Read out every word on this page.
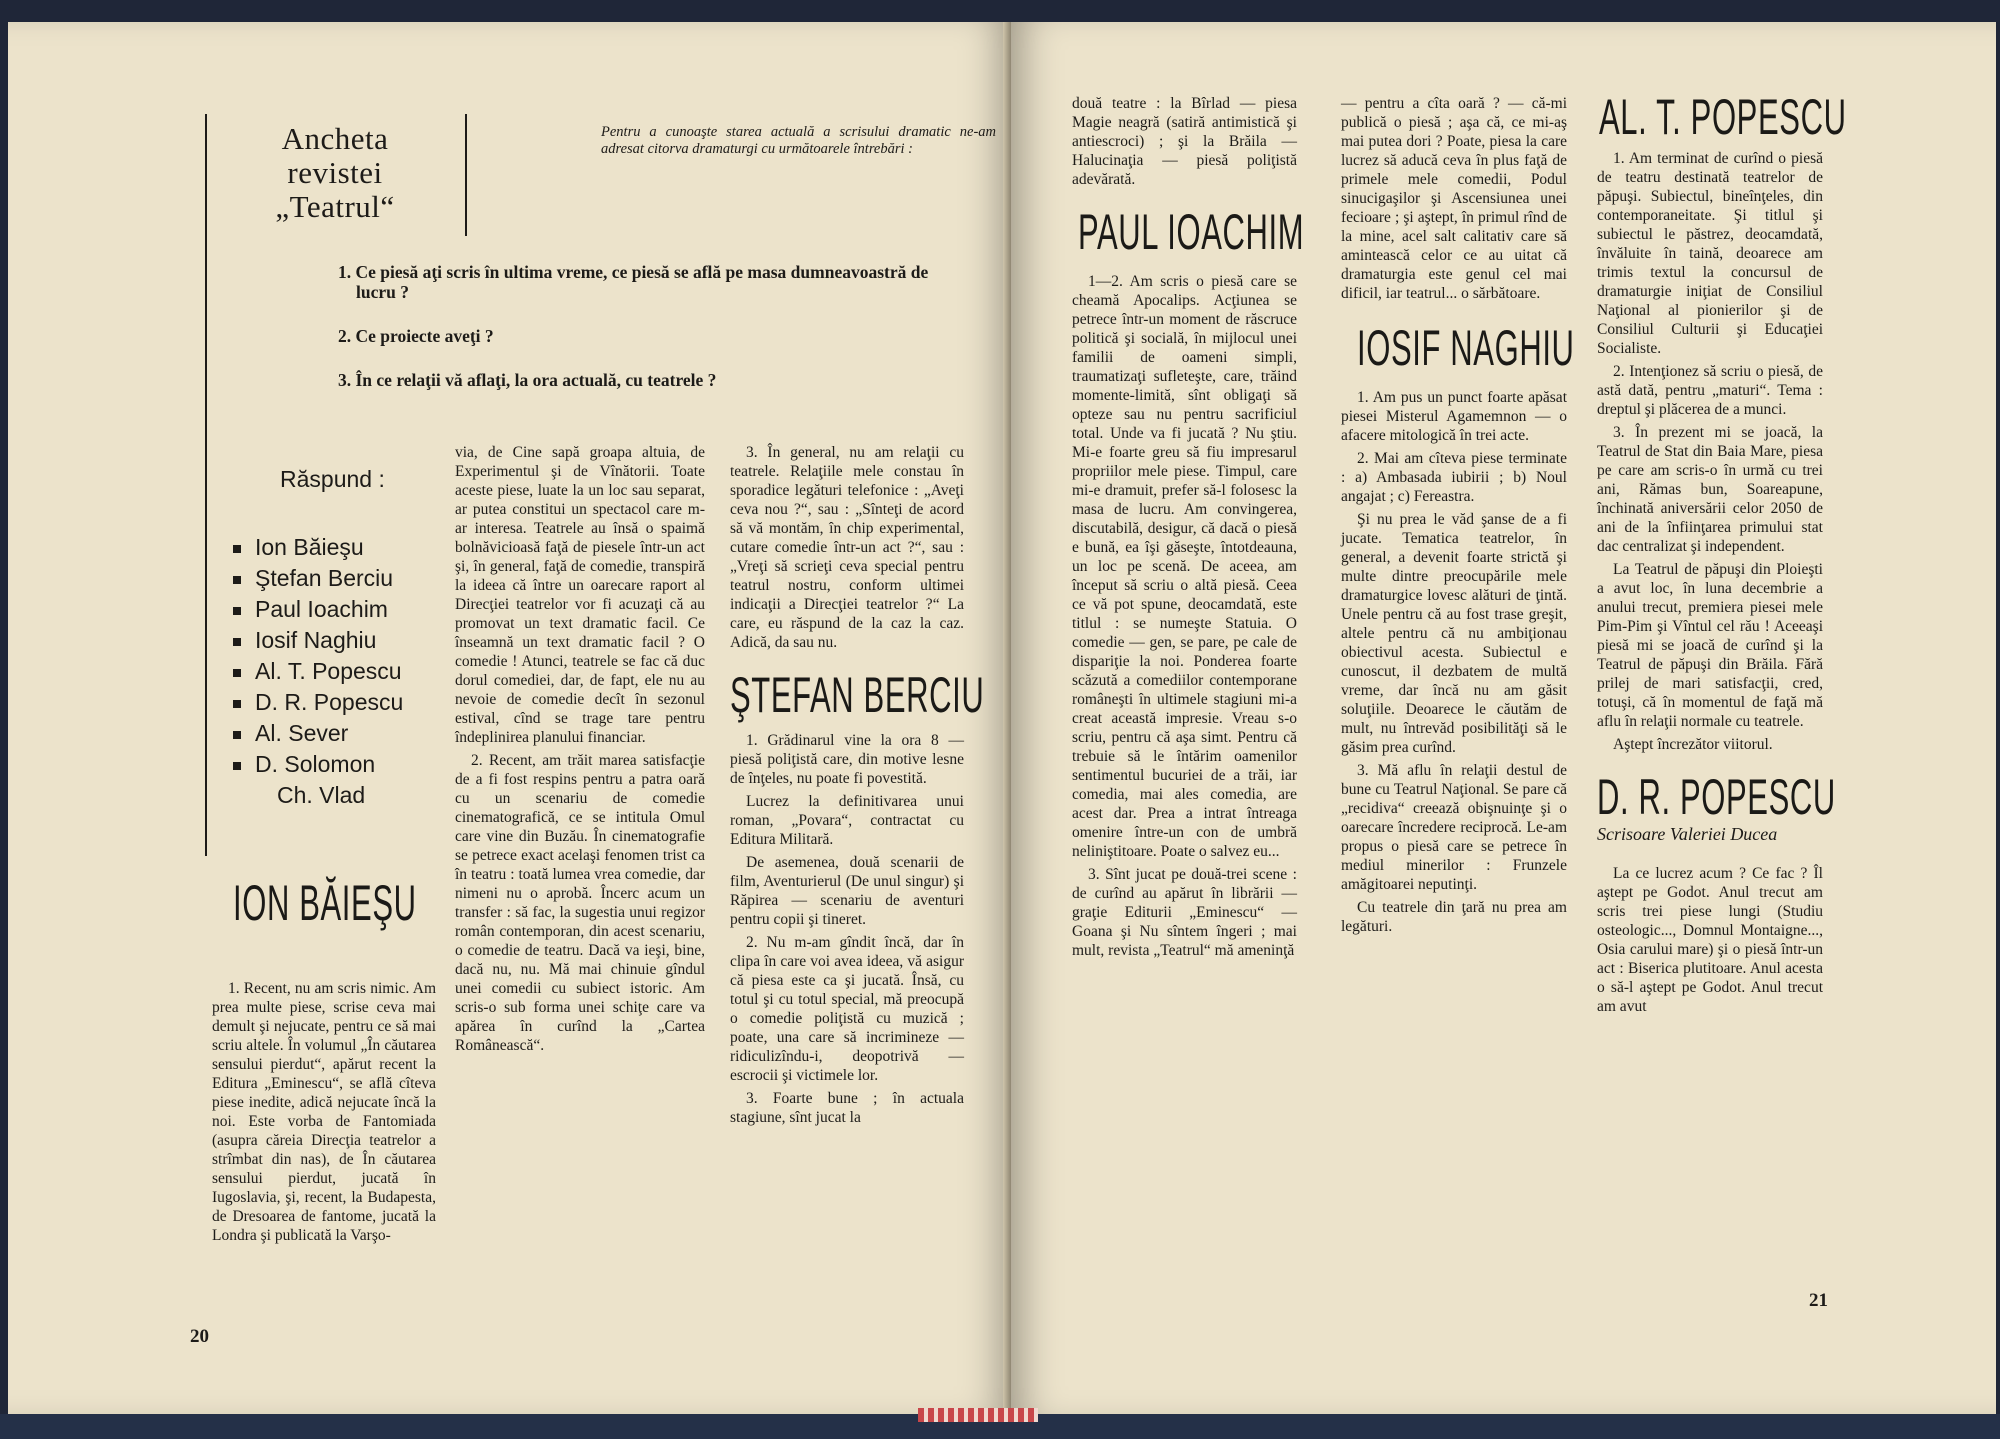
Ancheta
revistei
„Teatrul“
Pentru a cunoaşte starea actuală a scrisului dramatic ne-am adresat citorva dramaturgi cu următoarele întrebări :
1. Ce piesă aţi scris în ultima vreme, ce piesă se află pe masa dumneavoastră de lucru ?
2. Ce proiecte aveţi ?
3. În ce relaţii vă aflaţi, la ora actuală, cu teatrele ?
Răspund :
Ion Băieşu
Ştefan Berciu
Paul Ioachim
Iosif Naghiu
Al. T. Popescu
D. R. Popescu
Al. Sever
D. Solomon
Ch. Vlad
ION BĂIEŞU

1. Recent, nu am scris nimic. Am prea multe piese, scrise ceva mai demult şi nejucate, pentru ce să mai scriu altele. În volumul „În căutarea sensului pierdut“, apărut recent la Editura „Eminescu“, se află cîteva piese inedite, adică nejucate încă la noi. Este vorba de Fantomiada (asupra căreia Direcţia teatrelor a strîmbat din nas), de În căutarea sensului pierdut, jucată în Iugoslavia, şi, recent, la Budapesta, de Dresoarea de fantome, jucată la Londra şi publicată la Varşo-

via, de Cine sapă groapa altuia, de Experimentul şi de Vînătorii. Toate aceste piese, luate la un loc sau separat, ar putea constitui un spectacol care m-ar interesa. Teatrele au însă o spaimă bolnăvicioasă faţă de piesele într-un act şi, în general, faţă de comedie, transpiră la ideea că între un oarecare raport al Direcţiei teatrelor vor fi acuzaţi că au promovat un text dramatic facil. Ce înseamnă un text dramatic facil ? O comedie ! Atunci, teatrele se fac că duc dorul comediei, dar, de fapt, ele nu au nevoie de comedie decît în sezonul estival, cînd se trage tare pentru îndeplinirea planului financiar.

2. Recent, am trăit marea satisfacţie de a fi fost respins pentru a patra oară cu un scenariu de comedie cinematografică, ce se intitula Omul care vine din Buzău. În cinematografie se petrece exact acelaşi fenomen trist ca în teatru : toată lumea vrea comedie, dar nimeni nu o aprobă. Încerc acum un transfer : să fac, la sugestia unui regizor român contemporan, din acest scenariu, o comedie de teatru. Dacă va ieşi, bine, dacă nu, nu. Mă mai chinuie gîndul unei comedii cu subiect istoric. Am scris-o sub forma unei schiţe care va apărea în curînd la „Cartea Românească“.

3. În general, nu am relaţii cu teatrele. Relaţiile mele constau în sporadice legături telefonice : „Aveţi ceva nou ?“, sau : „Sînteţi de acord să vă montăm, în chip experimental, cutare comedie într-un act ?“, sau : „Vreţi să scrieţi ceva special pentru teatrul nostru, conform ultimei indicaţii a Direcţiei teatrelor ?“ La care, eu răspund de la caz la caz. Adică, da sau nu.

ŞTEFAN BERCIU

1. Grădinarul vine la ora 8 — piesă poliţistă care, din motive lesne de înţeles, nu poate fi povestită.

Lucrez la definitivarea unui roman, „Povara“, contractat cu Editura Militară.

De asemenea, două scenarii de film, Aventurierul (De unul singur) şi Răpirea — scenariu de aventuri pentru copii şi tineret.

2. Nu m-am gîndit încă, dar în clipa în care voi avea ideea, vă asigur că piesa este ca şi jucată. Însă, cu totul şi cu totul special, mă preocupă o comedie poliţistă cu muzică ; poate, una care să incrimineze — ridiculizîndu-i, deopotrivă — escrocii şi victimele lor.

3. Foarte bune ; în actuala stagiune, sînt jucat la

20

două teatre : la Bîrlad — piesa Magie neagră (satiră antimistică şi antiescroci) ; şi la Brăila — Halucinaţia — piesă poliţistă adevărată.

PAUL IOACHIM

1—2. Am scris o piesă care se cheamă Apocalips. Acţiunea se petrece într-un moment de răscruce politică şi socială, în mijlocul unei familii de oameni simpli, traumatizaţi sufleteşte, care, trăind momente-limită, sînt obligaţi să opteze sau nu pentru sacrificiul total. Unde va fi jucată ? Nu ştiu. Mi-e foarte greu să fiu impresarul propriilor mele piese. Timpul, care mi-e dramuit, prefer să-l folosesc la masa de lucru. Am convingerea, discutabilă, desigur, că dacă o piesă e bună, ea îşi găseşte, întotdeauna, un loc pe scenă. De aceea, am început să scriu o altă piesă. Ceea ce vă pot spune, deocamdată, este titlul : se numeşte Statuia. O comedie — gen, se pare, pe cale de dispariţie la noi. Ponderea foarte scăzută a comediilor contemporane româneşti în ultimele stagiuni mi-a creat această impresie. Vreau s-o scriu, pentru că aşa simt. Pentru că trebuie să le întărim oamenilor sentimentul bucuriei de a trăi, iar comedia, mai ales comedia, are acest dar. Prea a intrat întreaga omenire între-un con de umbră neliniştitoare. Poate o salvez eu...

3. Sînt jucat pe două-trei scene : de curînd au apărut în librării — graţie Editurii „Eminescu“ — Goana şi Nu sîntem îngeri ; mai mult, revista „Teatrul“ mă ameninţă

— pentru a cîta oară ? — că-mi publică o piesă ; aşa că, ce mi-aş mai putea dori ? Poate, piesa la care lucrez să aducă ceva în plus faţă de primele mele comedii, Podul sinucigaşilor şi Ascensiunea unei fecioare ; şi aştept, în primul rînd de la mine, acel salt calitativ care să amintească celor ce au uitat că dramaturgia este genul cel mai dificil, iar teatrul... o sărbătoare.

IOSIF NAGHIU

1. Am pus un punct foarte apăsat piesei Misterul Agamemnon — o afacere mitologică în trei acte.

2. Mai am cîteva piese terminate : a) Ambasada iubirii ; b) Noul angajat ; c) Fereastra.

Şi nu prea le văd şanse de a fi jucate. Tematica teatrelor, în general, a devenit foarte strictă şi multe dintre preocupările mele dramaturgice lovesc alături de ţintă. Unele pentru că au fost trase greşit, altele pentru că nu ambiţionau obiectivul acesta. Subiectul e cunoscut, il dezbatem de multă vreme, dar încă nu am găsit soluţiile. Deoarece le căutăm de mult, nu întrevăd posibilităţi să le găsim prea curînd.

3. Mă aflu în relaţii destul de bune cu Teatrul Naţional. Se pare că „recidiva“ creează obişnuinţe şi o oarecare încredere reciprocă. Le-am propus o piesă care se petrece în mediul minerilor : Frunzele amăgitoarei neputinţi.

Cu teatrele din ţară nu prea am legături.

AL. T. POPESCU

1. Am terminat de curînd o piesă de teatru destinată teatrelor de păpuşi. Subiectul, bineînţeles, din contemporaneitate. Şi titlul şi subiectul le păstrez, deocamdată, învăluite în taină, deoarece am trimis textul la concursul de dramaturgie iniţiat de Consiliul Naţional al pionierilor şi de Consiliul Culturii şi Educaţiei Socialiste.

2. Intenţionez să scriu o piesă, de astă dată, pentru „maturi“. Tema : dreptul şi plăcerea de a munci.

3. În prezent mi se joacă, la Teatrul de Stat din Baia Mare, piesa pe care am scris-o în urmă cu trei ani, Rămas bun, Soareapune, închinată aniversării celor 2050 de ani de la înfiinţarea primului stat dac centralizat şi independent.

La Teatrul de păpuşi din Ploieşti a avut loc, în luna decembrie a anului trecut, premiera piesei mele Pim-Pim şi Vîntul cel rău ! Aceeaşi piesă mi se joacă de curînd şi la Teatrul de păpuşi din Brăila. Fără prilej de mari satisfacţii, cred, totuşi, că în momentul de faţă mă aflu în relaţii normale cu teatrele.

Aştept încrezător viitorul.

D. R. POPESCU
Scrisoare Valeriei Ducea

La ce lucrez acum ? Ce fac ? Îl aştept pe Godot. Anul trecut am scris trei piese lungi (Studiu osteologic..., Domnul Montaigne..., Osia carului mare) şi o piesă într-un act : Biserica plutitoare. Anul acesta o să-l aştept pe Godot. Anul trecut am avut

21
